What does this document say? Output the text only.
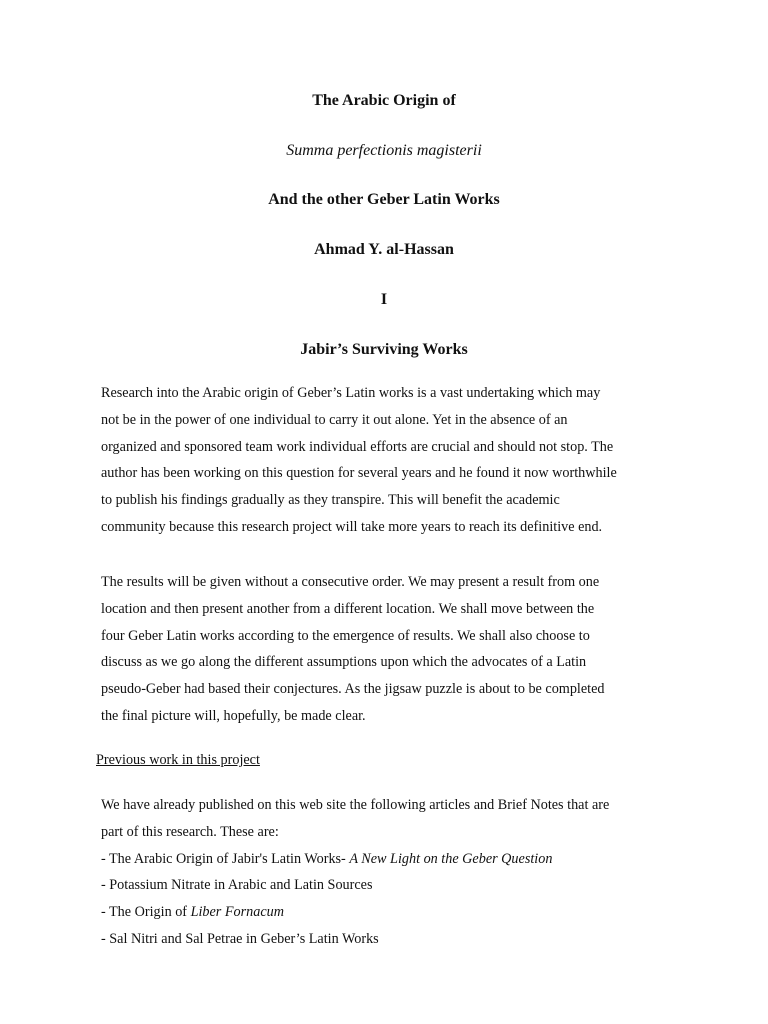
The Arabic Origin of
Summa perfectionis magisterii
And the other Geber Latin Works
Ahmad Y. al-Hassan
I
Jabir’s Surviving Works
Research into the Arabic origin of Geber’s Latin works is a vast undertaking which may
not be in the power of one individual to carry it out alone. Yet in the absence of an
organized and sponsored team work individual efforts are crucial and should not stop. The
author has been working on this question for several years and he found it now worthwhile
to publish his findings gradually as they transpire. This will benefit the academic
community because this research project will take more years to reach its definitive end.
The results will be given without a consecutive order. We may present a result from one
location and then present another from a different location. We shall move between the
four Geber Latin works according to the emergence of results. We shall also choose to
discuss as we go along the different assumptions upon which the advocates of a Latin
pseudo-Geber had based their conjectures. As the jigsaw puzzle is about to be completed
the final picture will, hopefully, be made clear.
Previous work in this project
We have already published on this web site the following articles and Brief Notes that are
part of this research. These are:
- The Arabic Origin of Jabir's Latin Works- A New Light on the Geber Question
- Potassium Nitrate in Arabic and Latin Sources
- The Origin of Liber Fornacum
- Sal Nitri and Sal Petrae in Geber’s Latin Works
